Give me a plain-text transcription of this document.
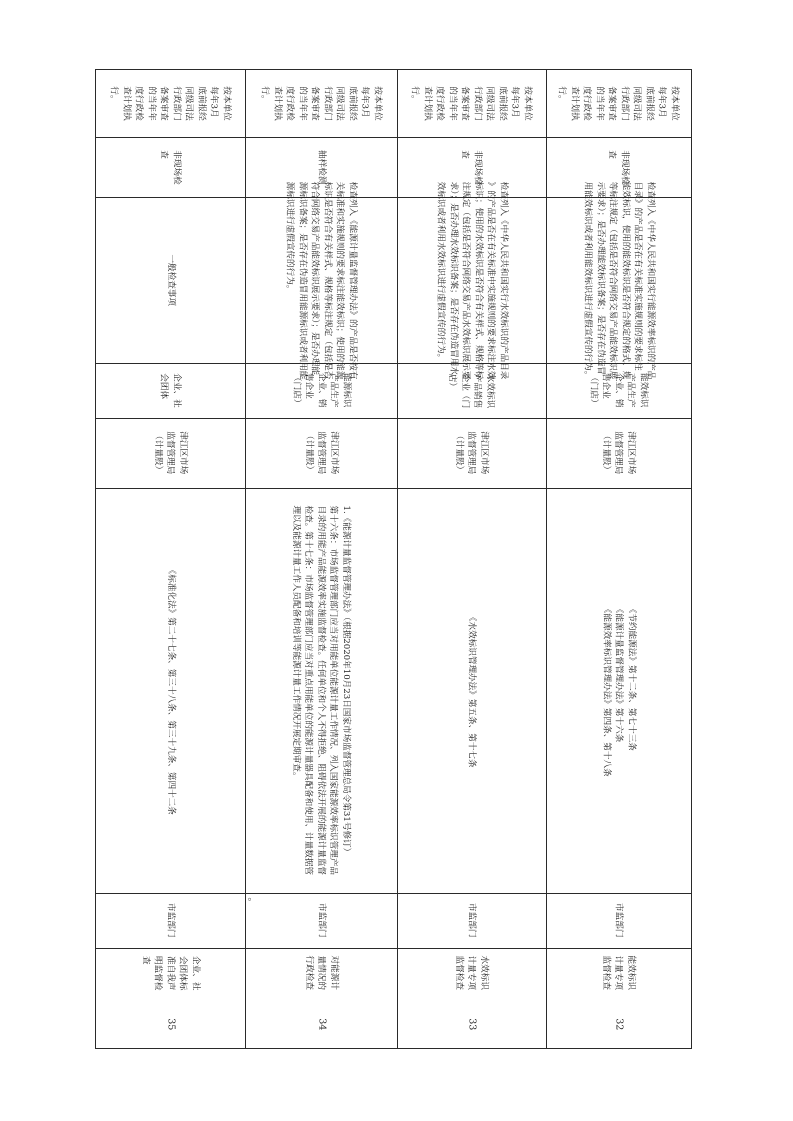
35
企业、社
会团体标
准自我声
明监督检
查
市监部门
《标准化法》第二十七条、第三十八条、第三十九条、第四十二条
津江区市场
监督管理局
（计量股）
企业、社
会团体
一般检查事项
非现场检
查
按本单位
每年3月
底前报经
同级司法
行政部门
备案审查
的当年年
度行政检
查计划执
行。
34
对能源计
量情况的
行政检查
市监部门
1.《能源计量监督管理办法》（根据2020年10月23日国家市场监督管理总局令第31号修订）
第十六条：市场监督管理部门应当对用能单位能源计量工作情况、列入国家能源效率标识管理产品
目录的用能产品能源效率实施监督检查。任何单位和个人不得拒绝、阻碍依法开展的能源计量监督
检查。第十七条：市场监督管理部门应当对重点用能单位的能源计量器具配备和使用、计量数据管
理以及能源计量工作人员配备和培训等能源计量工作情况开展定期审查。
津江区市场
监督管理局
（计量股）
能源标识
产品生产
企业、销
售企业
（门店）
检查列入《能源计量监督管理办法》的产品是否按有
关标准和实施规则的要求标注能效标识；使用的能源
标识是否符合有关样式、规格等标注规定（包括是否
符合网络交易产品能效标识展示要求）；是否办理能
源标识备案；是否存在伪造冒用能源标识或者利用能
源标识进行虚假宣传的行为。
抽样检测
按本单位
每年3月
底前报经
同级司法
行政部门
备案审查
的当年年
度行政检
查计划执
行。
33
水效标识
计量专项
监督检查
市监部门
《水效标识管理办法》第五条、第十七条
津江区市场
监督管理局
（计量股）
水效标识
产品销售
企业（门
店）
检查列入《中华人民共和国实行水效标识的产品目录
》的产品是否在有关标准中实施规则的要求标注水效
标识；使用的水效标识是否符合有关样式、规格等标
注规定（包括是否符合网络交易产品水效标识展示要
求）；是否办理水效标识备案；是否存在伪造冒用水
效标识或者利用水效标识进行虚假宣传的行为。
非现场检
查
按本单位
每年3月
底前报经
同级司法
行政部门
备案审查
的当年年
度行政检
查计划执
行。
32
能效标识
计量专项
监督检查
市监部门
《节约能源法》第十二条、第七十三条
《能源计量监督管理办法》第十六条
《能源效率标识管理办法》第四条、第十八条
津江区市场
监督管理局
（计量股）
能效标识
产品生产
企业、销
售企业
（门店）
检查列入《中华人民共和国实行能源效率标识的产品
目录》的产品是否在有关标准实施规则的要求标注
能效标识，使用的能效标识是否符合规定的格式、规
等标注规定（包括是否符合网络交易产品能效标识展
示要求）；是否办理能效标识备案；是否存在伪造冒
用能效标识或者利用能效标识进行虚假宣传的行为。
非现场检
查
按本单位
每年3月
底前报经
同级司法
行政部门
备案审查
的当年年
度行政检
查计划执
行。
。
